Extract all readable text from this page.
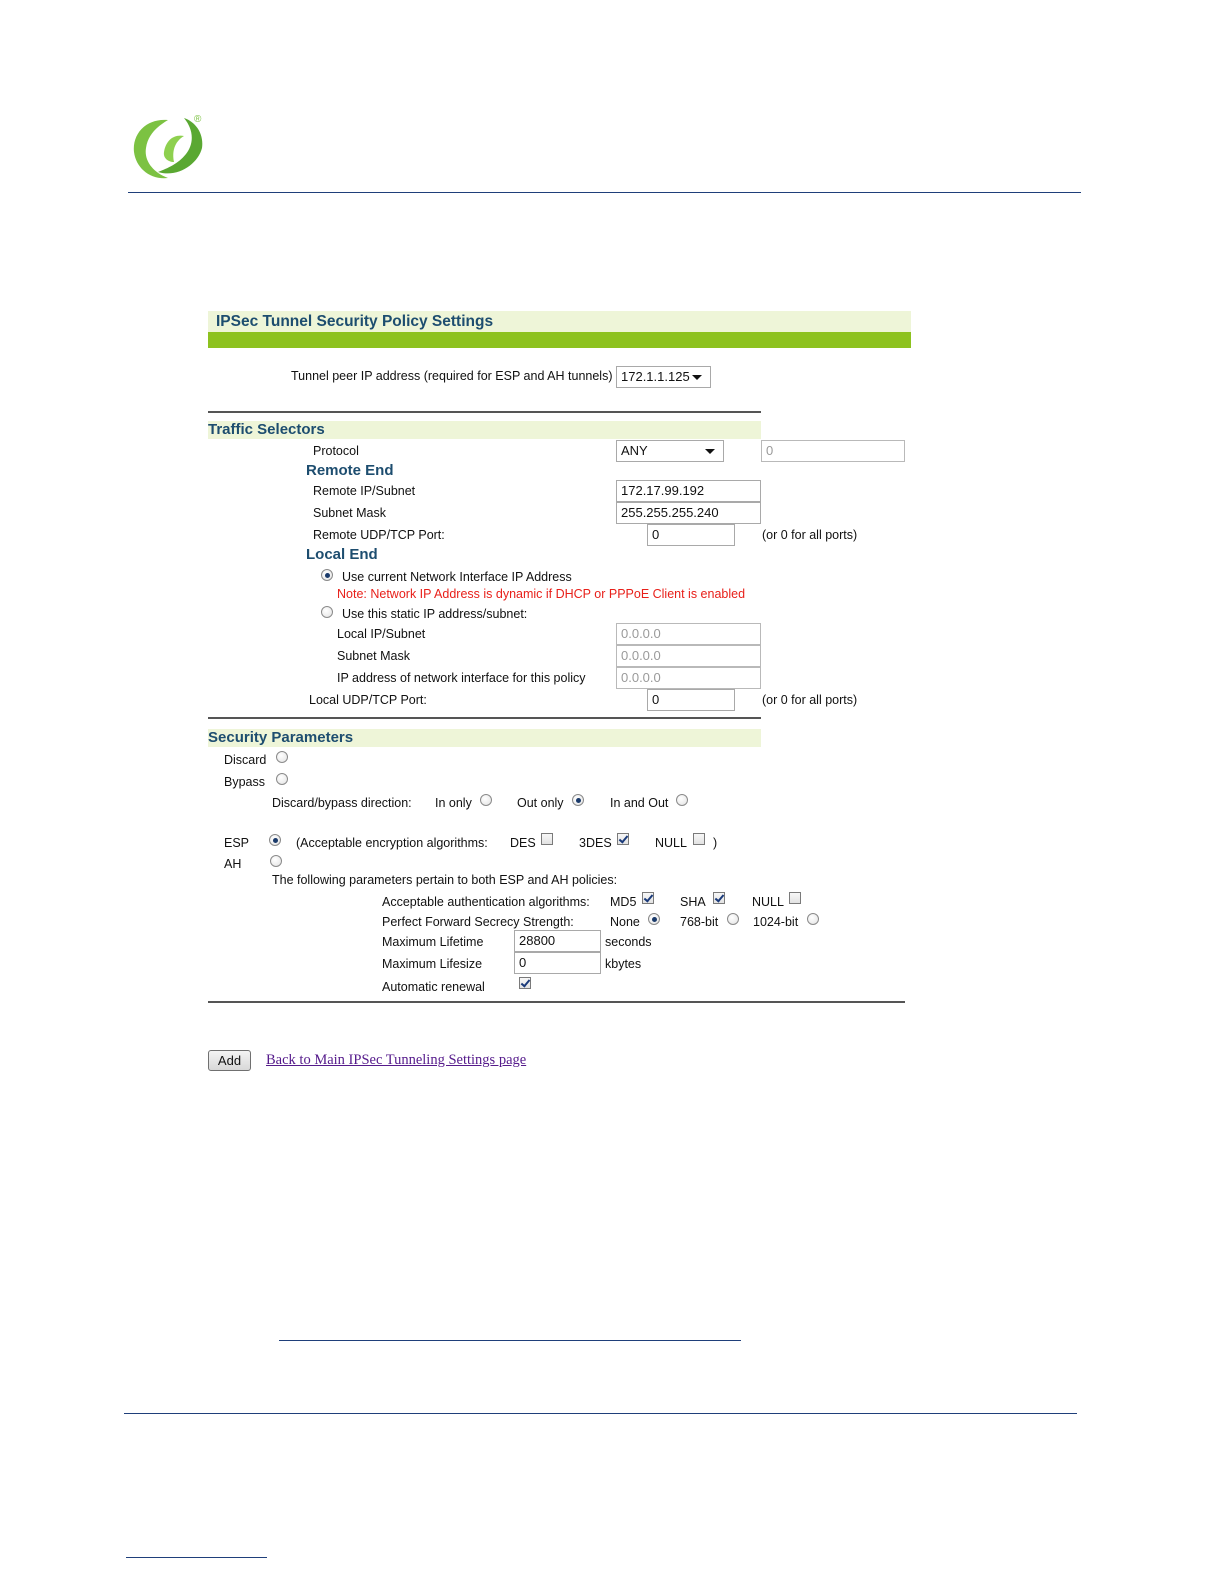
®
IPSec Tunnel Security Policy Settings
Tunnel peer IP address (required for ESP and AH tunnels) 172.1.1.125
Traffic Selectors
Protocol	ANY	0
Remote End
Remote IP/Subnet	172.17.99.192
Subnet Mask	255.255.255.240
Remote UDP/TCP Port:	0	(or 0 for all ports)
Local End
Use current Network Interface IP Address
Note: Network IP Address is dynamic if DHCP or PPPoE Client is enabled
Use this static IP address/subnet:
Local IP/Subnet	0.0.0.0
Subnet Mask	0.0.0.0
IP address of network interface for this policy	0.0.0.0
Local UDP/TCP Port:	0	(or 0 for all ports)
Security Parameters
Discard
Bypass
Discard/bypass direction: In only	Out only	In and Out
ESP	(Acceptable encryption algorithms: DES	3DES	NULL )
AH
The following parameters pertain to both ESP and AH policies:
Acceptable authentication algorithms: MD5	SHA	NULL
Perfect Forward Secrecy Strength:	None	768-bit	1024-bit
Maximum Lifetime	28800	seconds
Maximum Lifesize	0	kbytes
Automatic renewal
Add	Back to Main IPSec Tunneling Settings page
